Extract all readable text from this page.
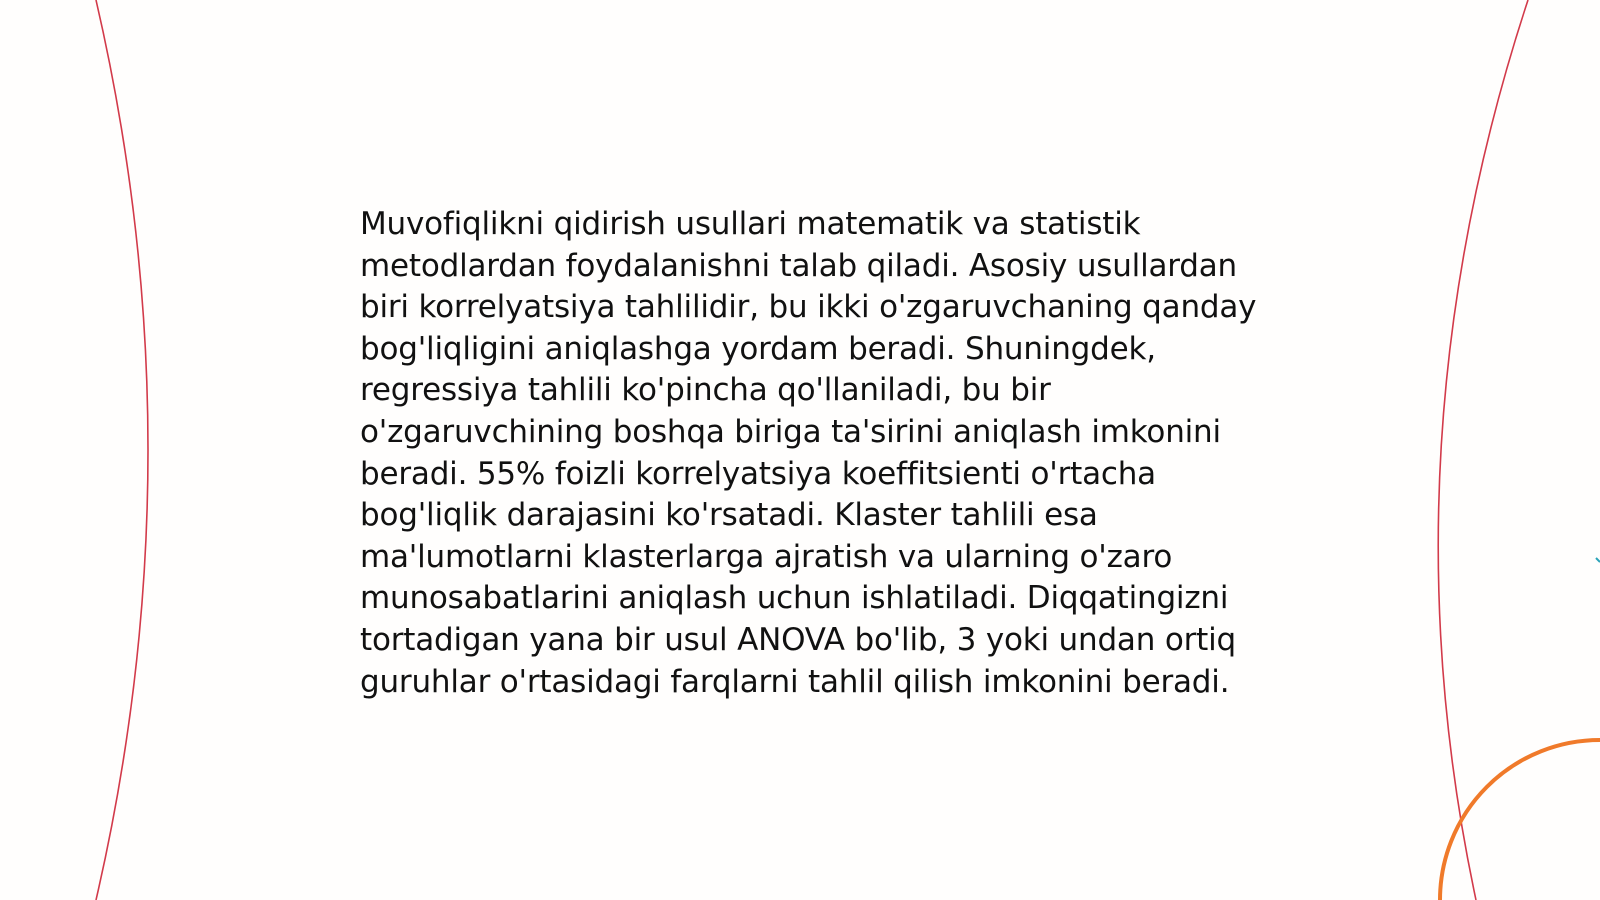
Muvofiqlikni qidirish usullari matematik va statistik metodlardan foydalanishni talab qiladi. Asosiy usullardan biri korrelyatsiya tahlilidir, bu ikki o'zgaruvchaning qanday bog'liqligini aniqlashga yordam beradi. Shuningdek, regressiya tahlili ko'pincha qo'llaniladi, bu bir o'zgaruvchining boshqa biriga ta'sirini aniqlash imkonini beradi. 55% foizli korrelyatsiya koeffitsienti o'rtacha bog'liqlik darajasini ko'rsatadi. Klaster tahlili esa ma'lumotlarni klasterlarga ajratish va ularning o'zaro munosabatlarini aniqlash uchun ishlatiladi. Diqqatingizni tortadigan yana bir usul ANOVA bo'lib, 3 yoki undan ortiq guruhlar o'rtasidagi farqlarni tahlil qilish imkonini beradi.
